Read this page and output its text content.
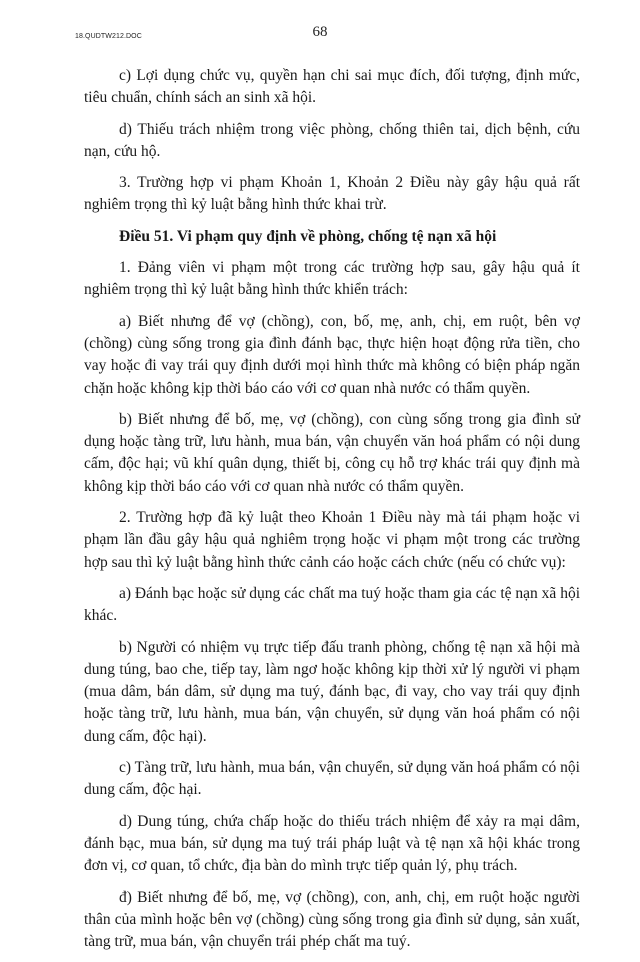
18.QUDTW212.DOC	68

c) Lợi dụng chức vụ, quyền hạn chi sai mục đích, đối tượng, định mức, tiêu chuẩn, chính sách an sinh xã hội.

d) Thiếu trách nhiệm trong việc phòng, chống thiên tai, dịch bệnh, cứu nạn, cứu hộ.

3. Trường hợp vi phạm Khoản 1, Khoản 2 Điều này gây hậu quả rất nghiêm trọng thì kỷ luật bằng hình thức khai trừ.

Điều 51. Vi phạm quy định về phòng, chống tệ nạn xã hội

1. Đảng viên vi phạm một trong các trường hợp sau, gây hậu quả ít nghiêm trọng thì kỷ luật bằng hình thức khiển trách:

a) Biết nhưng để vợ (chồng), con, bố, mẹ, anh, chị, em ruột, bên vợ (chồng) cùng sống trong gia đình đánh bạc, thực hiện hoạt động rửa tiền, cho vay hoặc đi vay trái quy định dưới mọi hình thức mà không có biện pháp ngăn chặn hoặc không kịp thời báo cáo với cơ quan nhà nước có thẩm quyền.

b) Biết nhưng để bố, mẹ, vợ (chồng), con cùng sống trong gia đình sử dụng hoặc tàng trữ, lưu hành, mua bán, vận chuyển văn hoá phẩm có nội dung cấm, độc hại; vũ khí quân dụng, thiết bị, công cụ hỗ trợ khác trái quy định mà không kịp thời báo cáo với cơ quan nhà nước có thẩm quyền.

2. Trường hợp đã kỷ luật theo Khoản 1 Điều này mà tái phạm hoặc vi phạm lần đầu gây hậu quả nghiêm trọng hoặc vi phạm một trong các trường hợp sau thì kỷ luật bằng hình thức cảnh cáo hoặc cách chức (nếu có chức vụ):

a) Đánh bạc hoặc sử dụng các chất ma tuý hoặc tham gia các tệ nạn xã hội khác.

b) Người có nhiệm vụ trực tiếp đấu tranh phòng, chống tệ nạn xã hội mà dung túng, bao che, tiếp tay, làm ngơ hoặc không kịp thời xử lý người vi phạm (mua dâm, bán dâm, sử dụng ma tuý, đánh bạc, đi vay, cho vay trái quy định hoặc tàng trữ, lưu hành, mua bán, vận chuyển, sử dụng văn hoá phẩm có nội dung cấm, độc hại).

c) Tàng trữ, lưu hành, mua bán, vận chuyển, sử dụng văn hoá phẩm có nội dung cấm, độc hại.

d) Dung túng, chứa chấp hoặc do thiếu trách nhiệm để xảy ra mại dâm, đánh bạc, mua bán, sử dụng ma tuý trái pháp luật và tệ nạn xã hội khác trong đơn vị, cơ quan, tổ chức, địa bàn do mình trực tiếp quản lý, phụ trách.

đ) Biết nhưng để bố, mẹ, vợ (chồng), con, anh, chị, em ruột hoặc người thân của mình hoặc bên vợ (chồng) cùng sống trong gia đình sử dụng, sản xuất, tàng trữ, mua bán, vận chuyển trái phép chất ma tuý.
